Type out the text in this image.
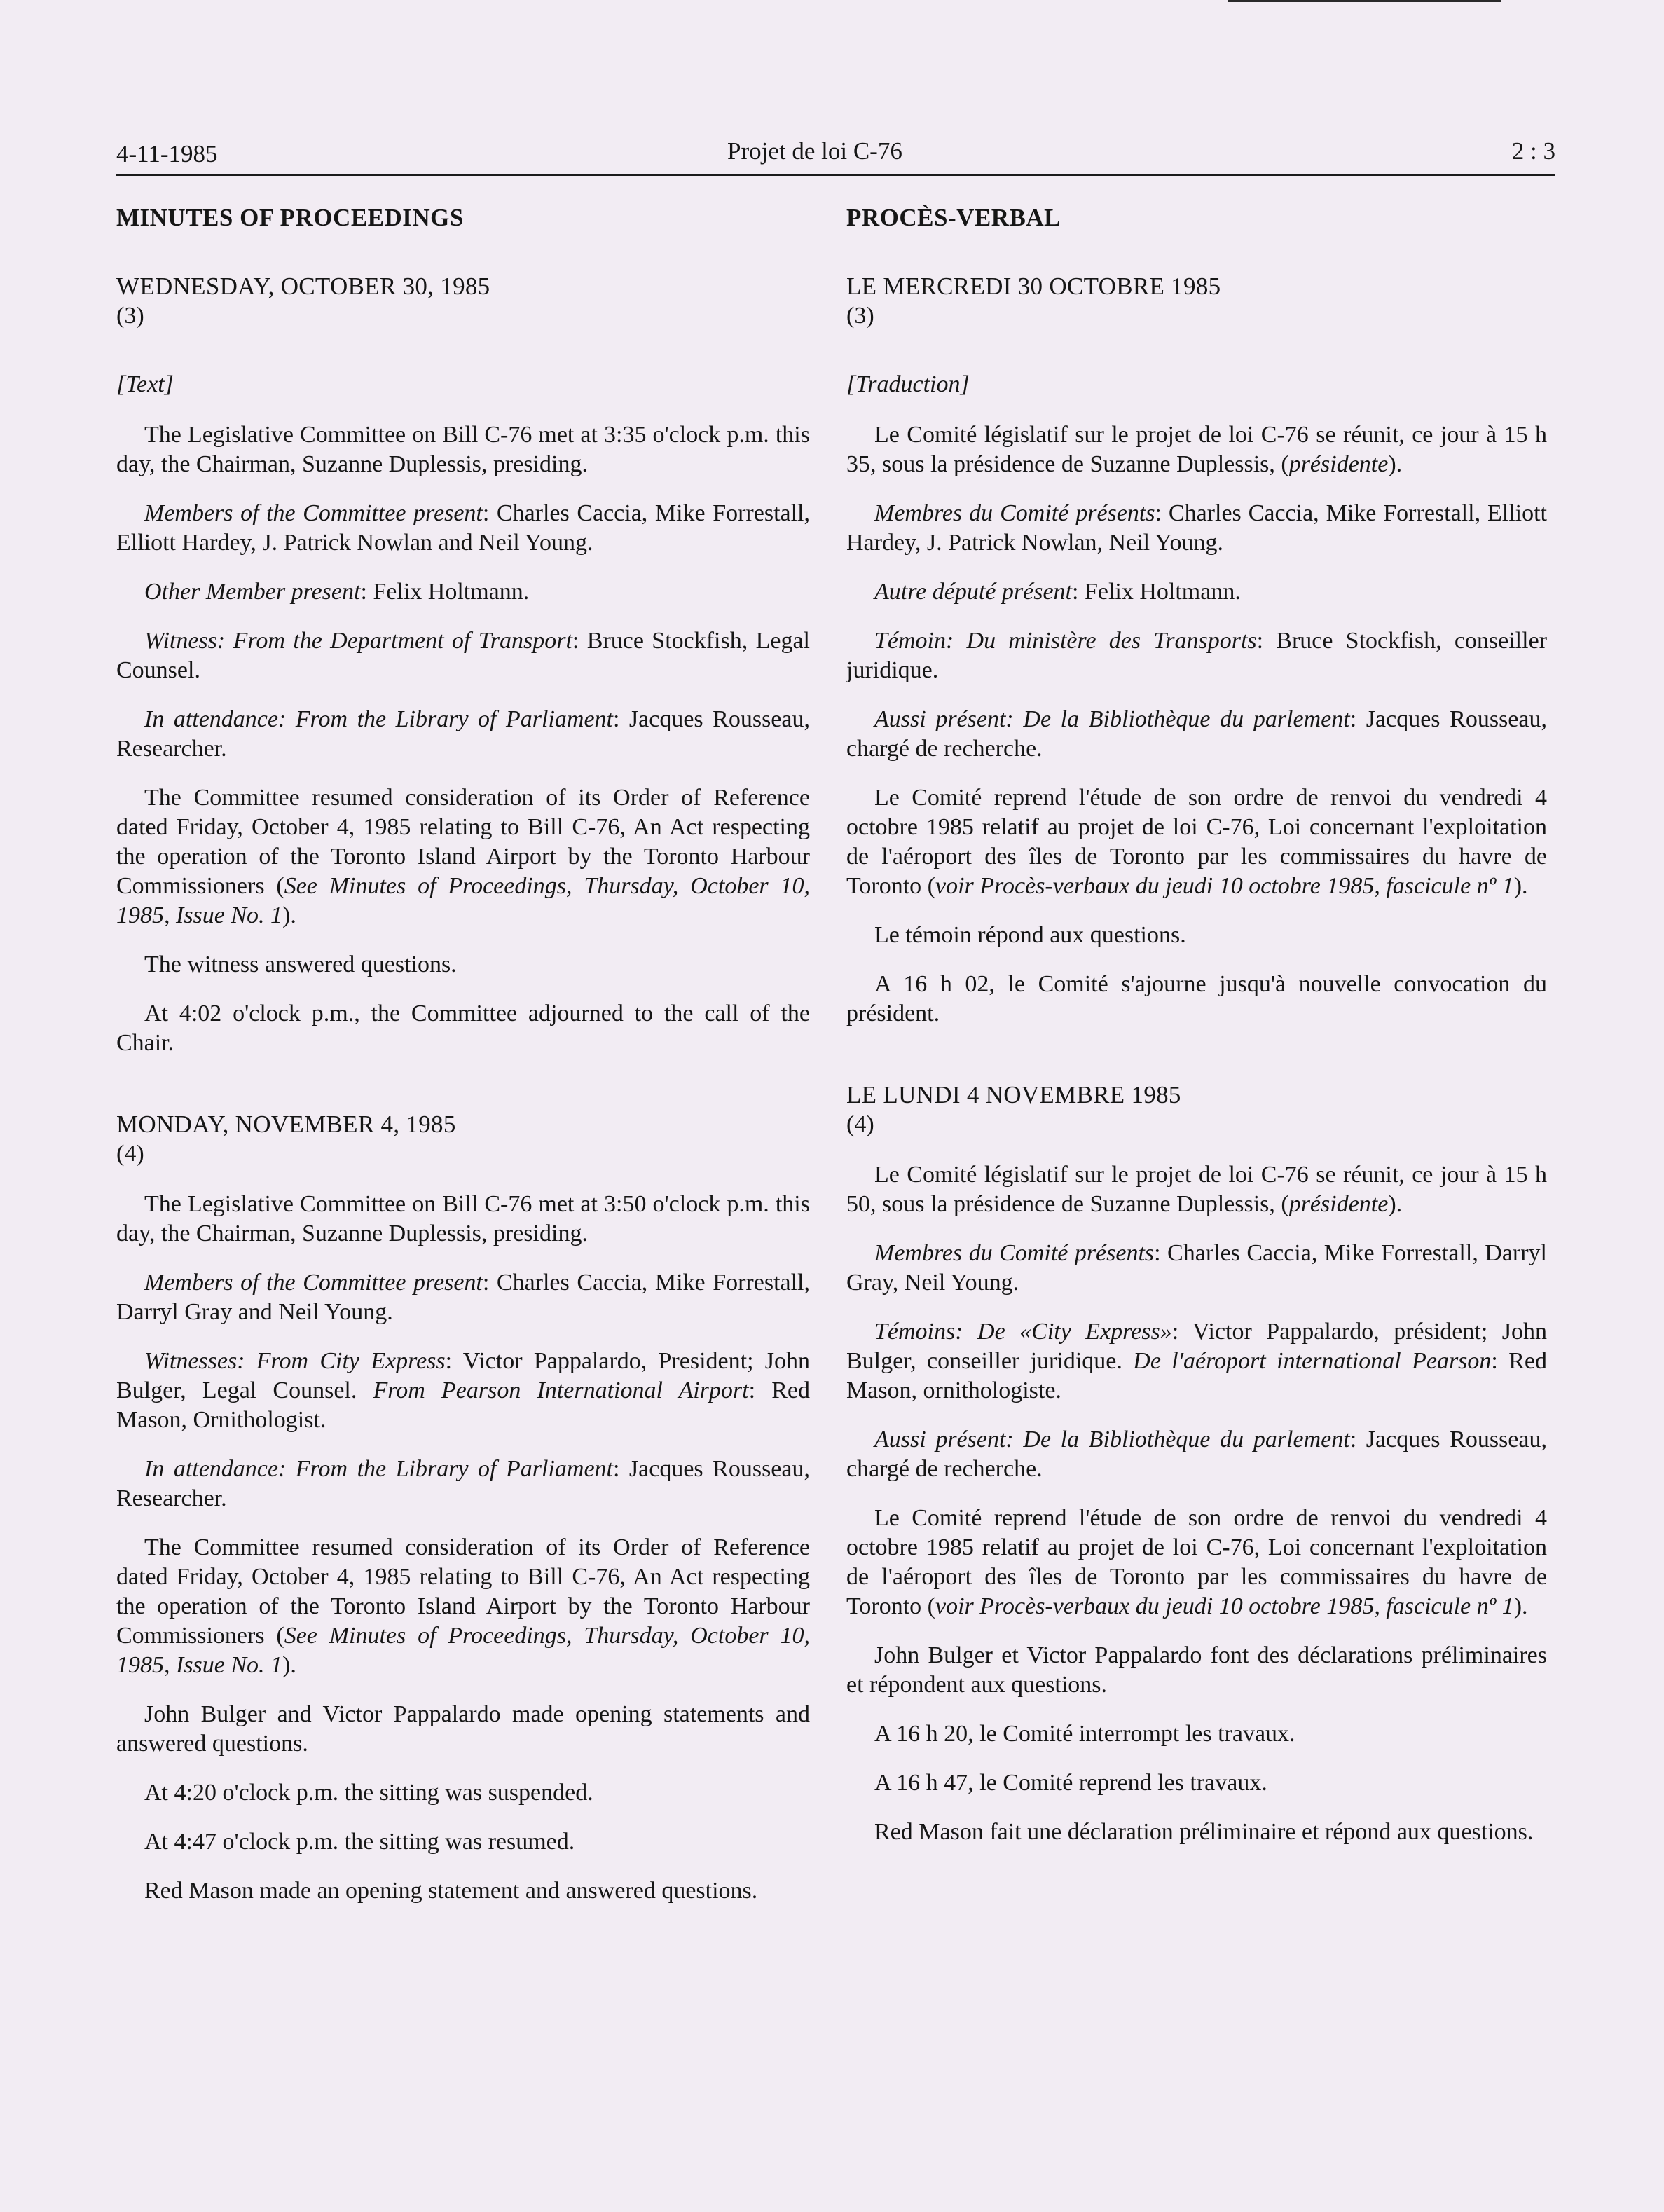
4-11-1985	Projet de loi C-76	2 : 3
MINUTES OF PROCEEDINGS
WEDNESDAY, OCTOBER 30, 1985
(3)
[Text]

The Legislative Committee on Bill C-76 met at 3:35 o'clock p.m. this day, the Chairman, Suzanne Duplessis, presiding.

Members of the Committee present: Charles Caccia, Mike Forrestall, Elliott Hardey, J. Patrick Nowlan and Neil Young.

Other Member present: Felix Holtmann.

Witness: From the Department of Transport: Bruce Stockfish, Legal Counsel.

In attendance: From the Library of Parliament: Jacques Rousseau, Researcher.

The Committee resumed consideration of its Order of Reference dated Friday, October 4, 1985 relating to Bill C-76, An Act respecting the operation of the Toronto Island Airport by the Toronto Harbour Commissioners (See Minutes of Proceedings, Thursday, October 10, 1985, Issue No. 1).

The witness answered questions.

At 4:02 o'clock p.m., the Committee adjourned to the call of the Chair.

MONDAY, NOVEMBER 4, 1985
(4)

The Legislative Committee on Bill C-76 met at 3:50 o'clock p.m. this day, the Chairman, Suzanne Duplessis, presiding.

Members of the Committee present: Charles Caccia, Mike Forrestall, Darryl Gray and Neil Young.

Witnesses: From City Express: Victor Pappalardo, President; John Bulger, Legal Counsel. From Pearson International Airport: Red Mason, Ornithologist.

In attendance: From the Library of Parliament: Jacques Rousseau, Researcher.

The Committee resumed consideration of its Order of Reference dated Friday, October 4, 1985 relating to Bill C-76, An Act respecting the operation of the Toronto Island Airport by the Toronto Harbour Commissioners (See Minutes of Proceedings, Thursday, October 10, 1985, Issue No. 1).

John Bulger and Victor Pappalardo made opening statements and answered questions.

At 4:20 o'clock p.m. the sitting was suspended.

At 4:47 o'clock p.m. the sitting was resumed.

Red Mason made an opening statement and answered questions.

PROCÈS-VERBAL
LE MERCREDI 30 OCTOBRE 1985
(3)
[Traduction]

Le Comité législatif sur le projet de loi C-76 se réunit, ce jour à 15 h 35, sous la présidence de Suzanne Duplessis, (présidente).

Membres du Comité présents: Charles Caccia, Mike Forrestall, Elliott Hardey, J. Patrick Nowlan, Neil Young.

Autre député présent: Felix Holtmann.

Témoin: Du ministère des Transports: Bruce Stockfish, conseiller juridique.

Aussi présent: De la Bibliothèque du parlement: Jacques Rousseau, chargé de recherche.

Le Comité reprend l'étude de son ordre de renvoi du vendredi 4 octobre 1985 relatif au projet de loi C-76, Loi concernant l'exploitation de l'aéroport des îles de Toronto par les commissaires du havre de Toronto (voir Procès-verbaux du jeudi 10 octobre 1985, fascicule nº 1).

Le témoin répond aux questions.

A 16 h 02, le Comité s'ajourne jusqu'à nouvelle convocation du président.

LE LUNDI 4 NOVEMBRE 1985
(4)

Le Comité législatif sur le projet de loi C-76 se réunit, ce jour à 15 h 50, sous la présidence de Suzanne Duplessis, (présidente).

Membres du Comité présents: Charles Caccia, Mike Forrestall, Darryl Gray, Neil Young.

Témoins: De «City Express»: Victor Pappalardo, président; John Bulger, conseiller juridique. De l'aéroport international Pearson: Red Mason, ornithologiste.

Aussi présent: De la Bibliothèque du parlement: Jacques Rousseau, chargé de recherche.

Le Comité reprend l'étude de son ordre de renvoi du vendredi 4 octobre 1985 relatif au projet de loi C-76, Loi concernant l'exploitation de l'aéroport des îles de Toronto par les commissaires du havre de Toronto (voir Procès-verbaux du jeudi 10 octobre 1985, fascicule nº 1).

John Bulger et Victor Pappalardo font des déclarations préliminaires et répondent aux questions.

A 16 h 20, le Comité interrompt les travaux.

A 16 h 47, le Comité reprend les travaux.

Red Mason fait une déclaration préliminaire et répond aux questions.
